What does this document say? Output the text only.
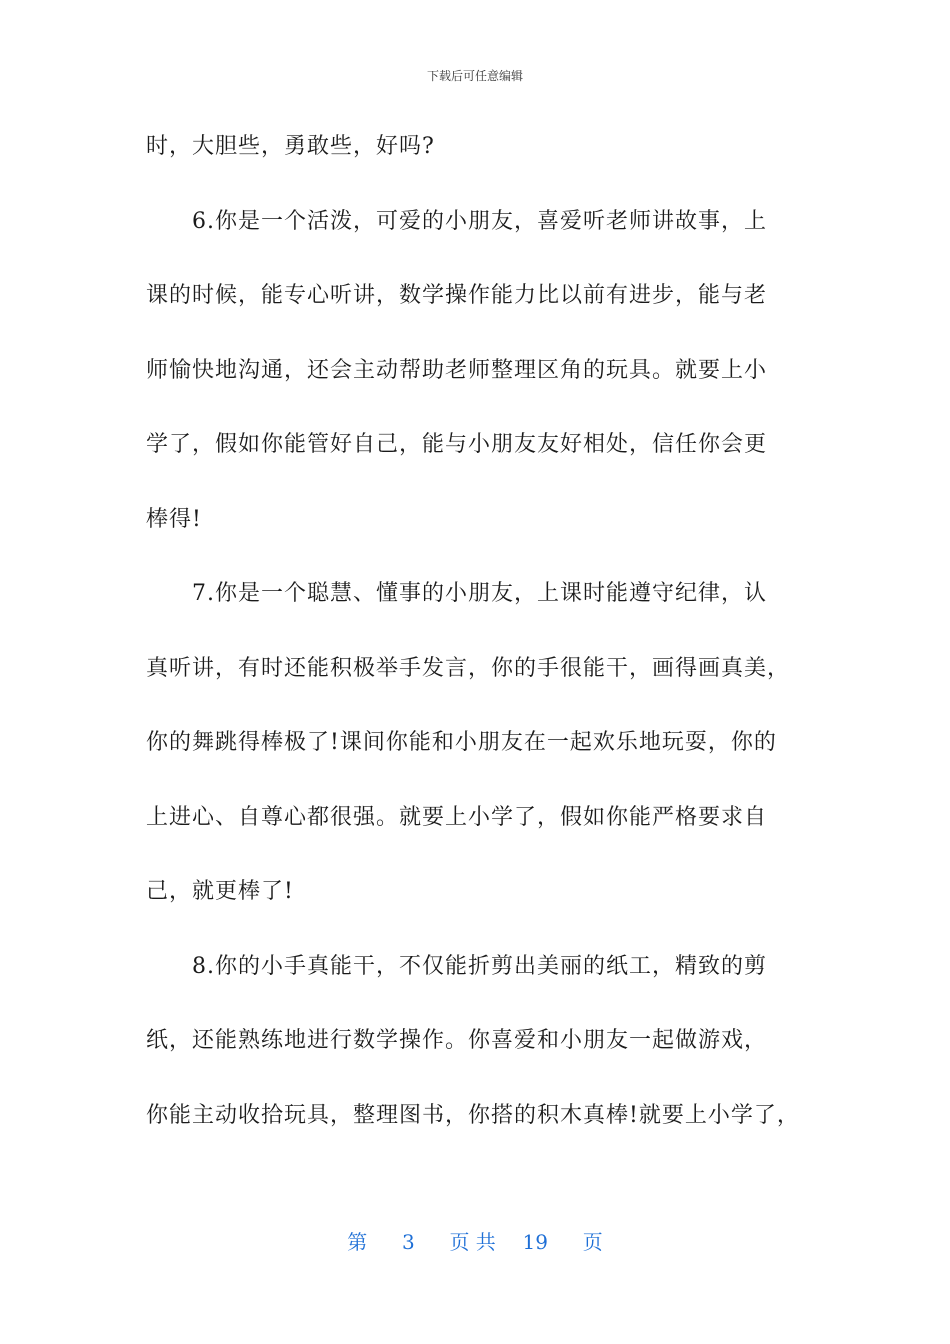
下载后可任意编辑
时，大胆些，勇敢些，好吗?
6.你是一个活泼，可爱的小朋友，喜爱听老师讲故事，上
课的时候，能专心听讲，数学操作能力比以前有进步，能与老
师愉快地沟通，还会主动帮助老师整理区角的玩具。就要上小
学了，假如你能管好自己，能与小朋友友好相处，信任你会更
棒得!
7.你是一个聪慧、懂事的小朋友，上课时能遵守纪律，认
真听讲，有时还能积极举手发言，你的手很能干，画得画真美，
你的舞跳得棒极了!课间你能和小朋友在一起欢乐地玩耍，你的
上进心、自尊心都很强。就要上小学了，假如你能严格要求自
己，就更棒了!
8.你的小手真能干，不仅能折剪出美丽的纸工，精致的剪
纸，还能熟练地进行数学操作。你喜爱和小朋友一起做游戏，
你能主动收拾玩具，整理图书，你搭的积木真棒!就要上小学了，
第 3 页 共 19 页
